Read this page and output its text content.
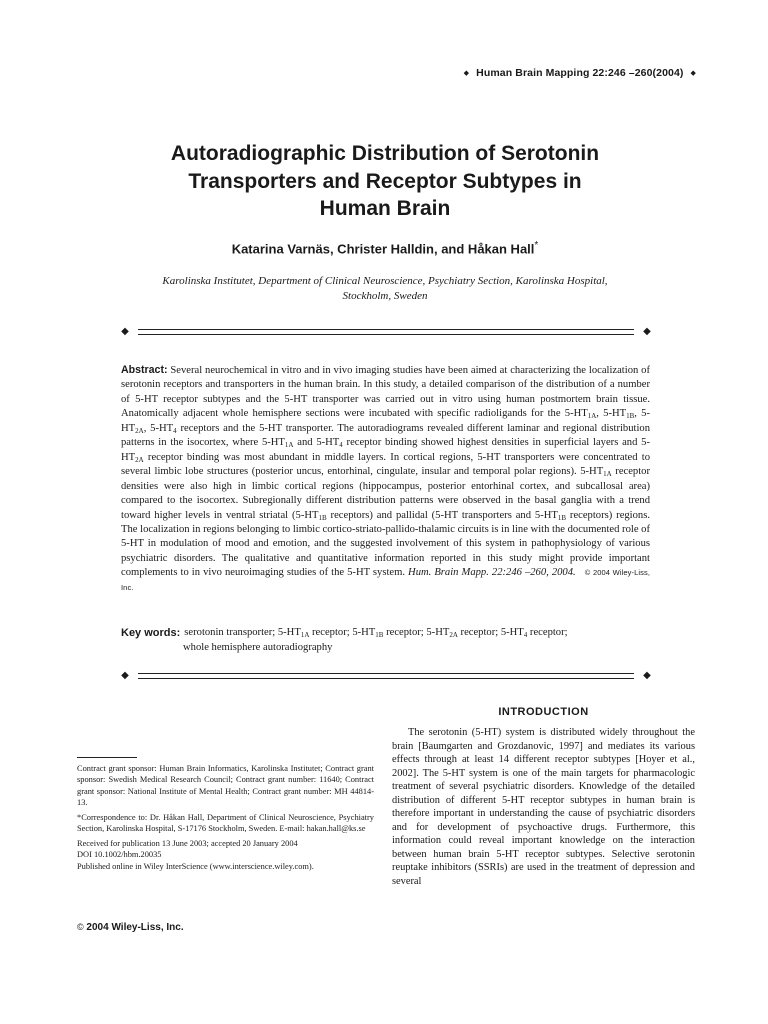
◆ Human Brain Mapping 22:246 –260(2004) ◆
Autoradiographic Distribution of Serotonin
Transporters and Receptor Subtypes in
Human Brain
Katarina Varnäs, Christer Halldin, and Håkan Hall*
Karolinska Institutet, Department of Clinical Neuroscience, Psychiatry Section, Karolinska Hospital,
Stockholm, Sweden
◆	◆
Abstract: Several neurochemical in vitro and in vivo imaging studies have been aimed at characterizing the localization of serotonin receptors and transporters in the human brain. In this study, a detailed comparison of the distribution of a number of 5-HT receptor subtypes and the 5-HT transporter was carried out in vitro using human postmortem brain tissue. Anatomically adjacent whole hemisphere sections were incubated with specific radioligands for the $5-HT_{1A}$, $5-HT_{1B}$, $5-HT_{2A}$, $5-HT_4$ receptors and the 5-HT transporter. The autoradiograms revealed different laminar and regional distribution patterns in the isocortex, where $5-HT_{1A}$ and $5-HT_4$ receptor binding showed highest densities in superficial layers and $5-HT_{2A}$ receptor binding was most abundant in middle layers. In cortical regions, 5-HT transporters were concentrated to several limbic lobe structures (posterior uncus, entorhinal, cingulate, insular and temporal polar regions). $5-HT_{1A}$ receptor densities were also high in limbic cortical regions (hippocampus, posterior entorhinal cortex, and subcallosal area) compared to the isocortex. Subregionally different distribution patterns were observed in the basal ganglia with a trend toward higher levels in ventral striatal ($5-HT_{1B}$ receptors) and pallidal (5-HT transporters and $5-HT_{1B}$ receptors) regions. The localization in regions belonging to limbic cortico-striato-pallido-thalamic circuits is in line with the documented role of 5-HT in modulation of mood and emotion, and the suggested involvement of this system in pathophysiology of various psychiatric disorders. The qualitative and quantitative information reported in this study might provide important complements to in vivo neuroimaging studies of the 5-HT system. Hum. Brain Mapp. 22:246 –260, 2004. © 2004 Wiley-Liss, Inc.
Key words: serotonin transporter; $5-HT_{1A}$ receptor; $5-HT_{1B}$ receptor; $5-HT_{2A}$ receptor; $5-HT_4$ receptor;
whole hemisphere autoradiography
◆	◆
INTRODUCTION
The serotonin (5-HT) system is distributed widely throughout the brain [Baumgarten and Grozdanovic, 1997] and mediates its various effects through at least 14 different receptor subtypes [Hoyer et al., 2002]. The 5-HT system is one of the main targets for pharmacologic treatment of several psychiatric disorders. Knowledge of the detailed distribution of different 5-HT receptor subtypes in human brain is therefore important in understanding the cause of psychiatric disorders and for development of psychoactive drugs. Furthermore, this information could reveal important knowledge on the interaction between human brain 5-HT receptor subtypes. Selective serotonin reuptake inhibitors (SSRIs) are used in the treatment of depression and several

Contract grant sponsor: Human Brain Informatics, Karolinska Institutet; Contract grant sponsor: Swedish Medical Research Council; Contract grant number: 11640; Contract grant sponsor: National Institute of Mental Health; Contract grant number: MH 44814-13.

*Correspondence to: Dr. Håkan Hall, Department of Clinical Neuroscience, Psychiatry Section, Karolinska Hospital, S-17176 Stockholm, Sweden. E-mail: hakan.hall@ks.se

Received for publication 13 June 2003; accepted 20 January 2004

DOI 10.1002/hbm.20035

Published online in Wiley InterScience (www.interscience.wiley.com).

© 2004 Wiley-Liss, Inc.
